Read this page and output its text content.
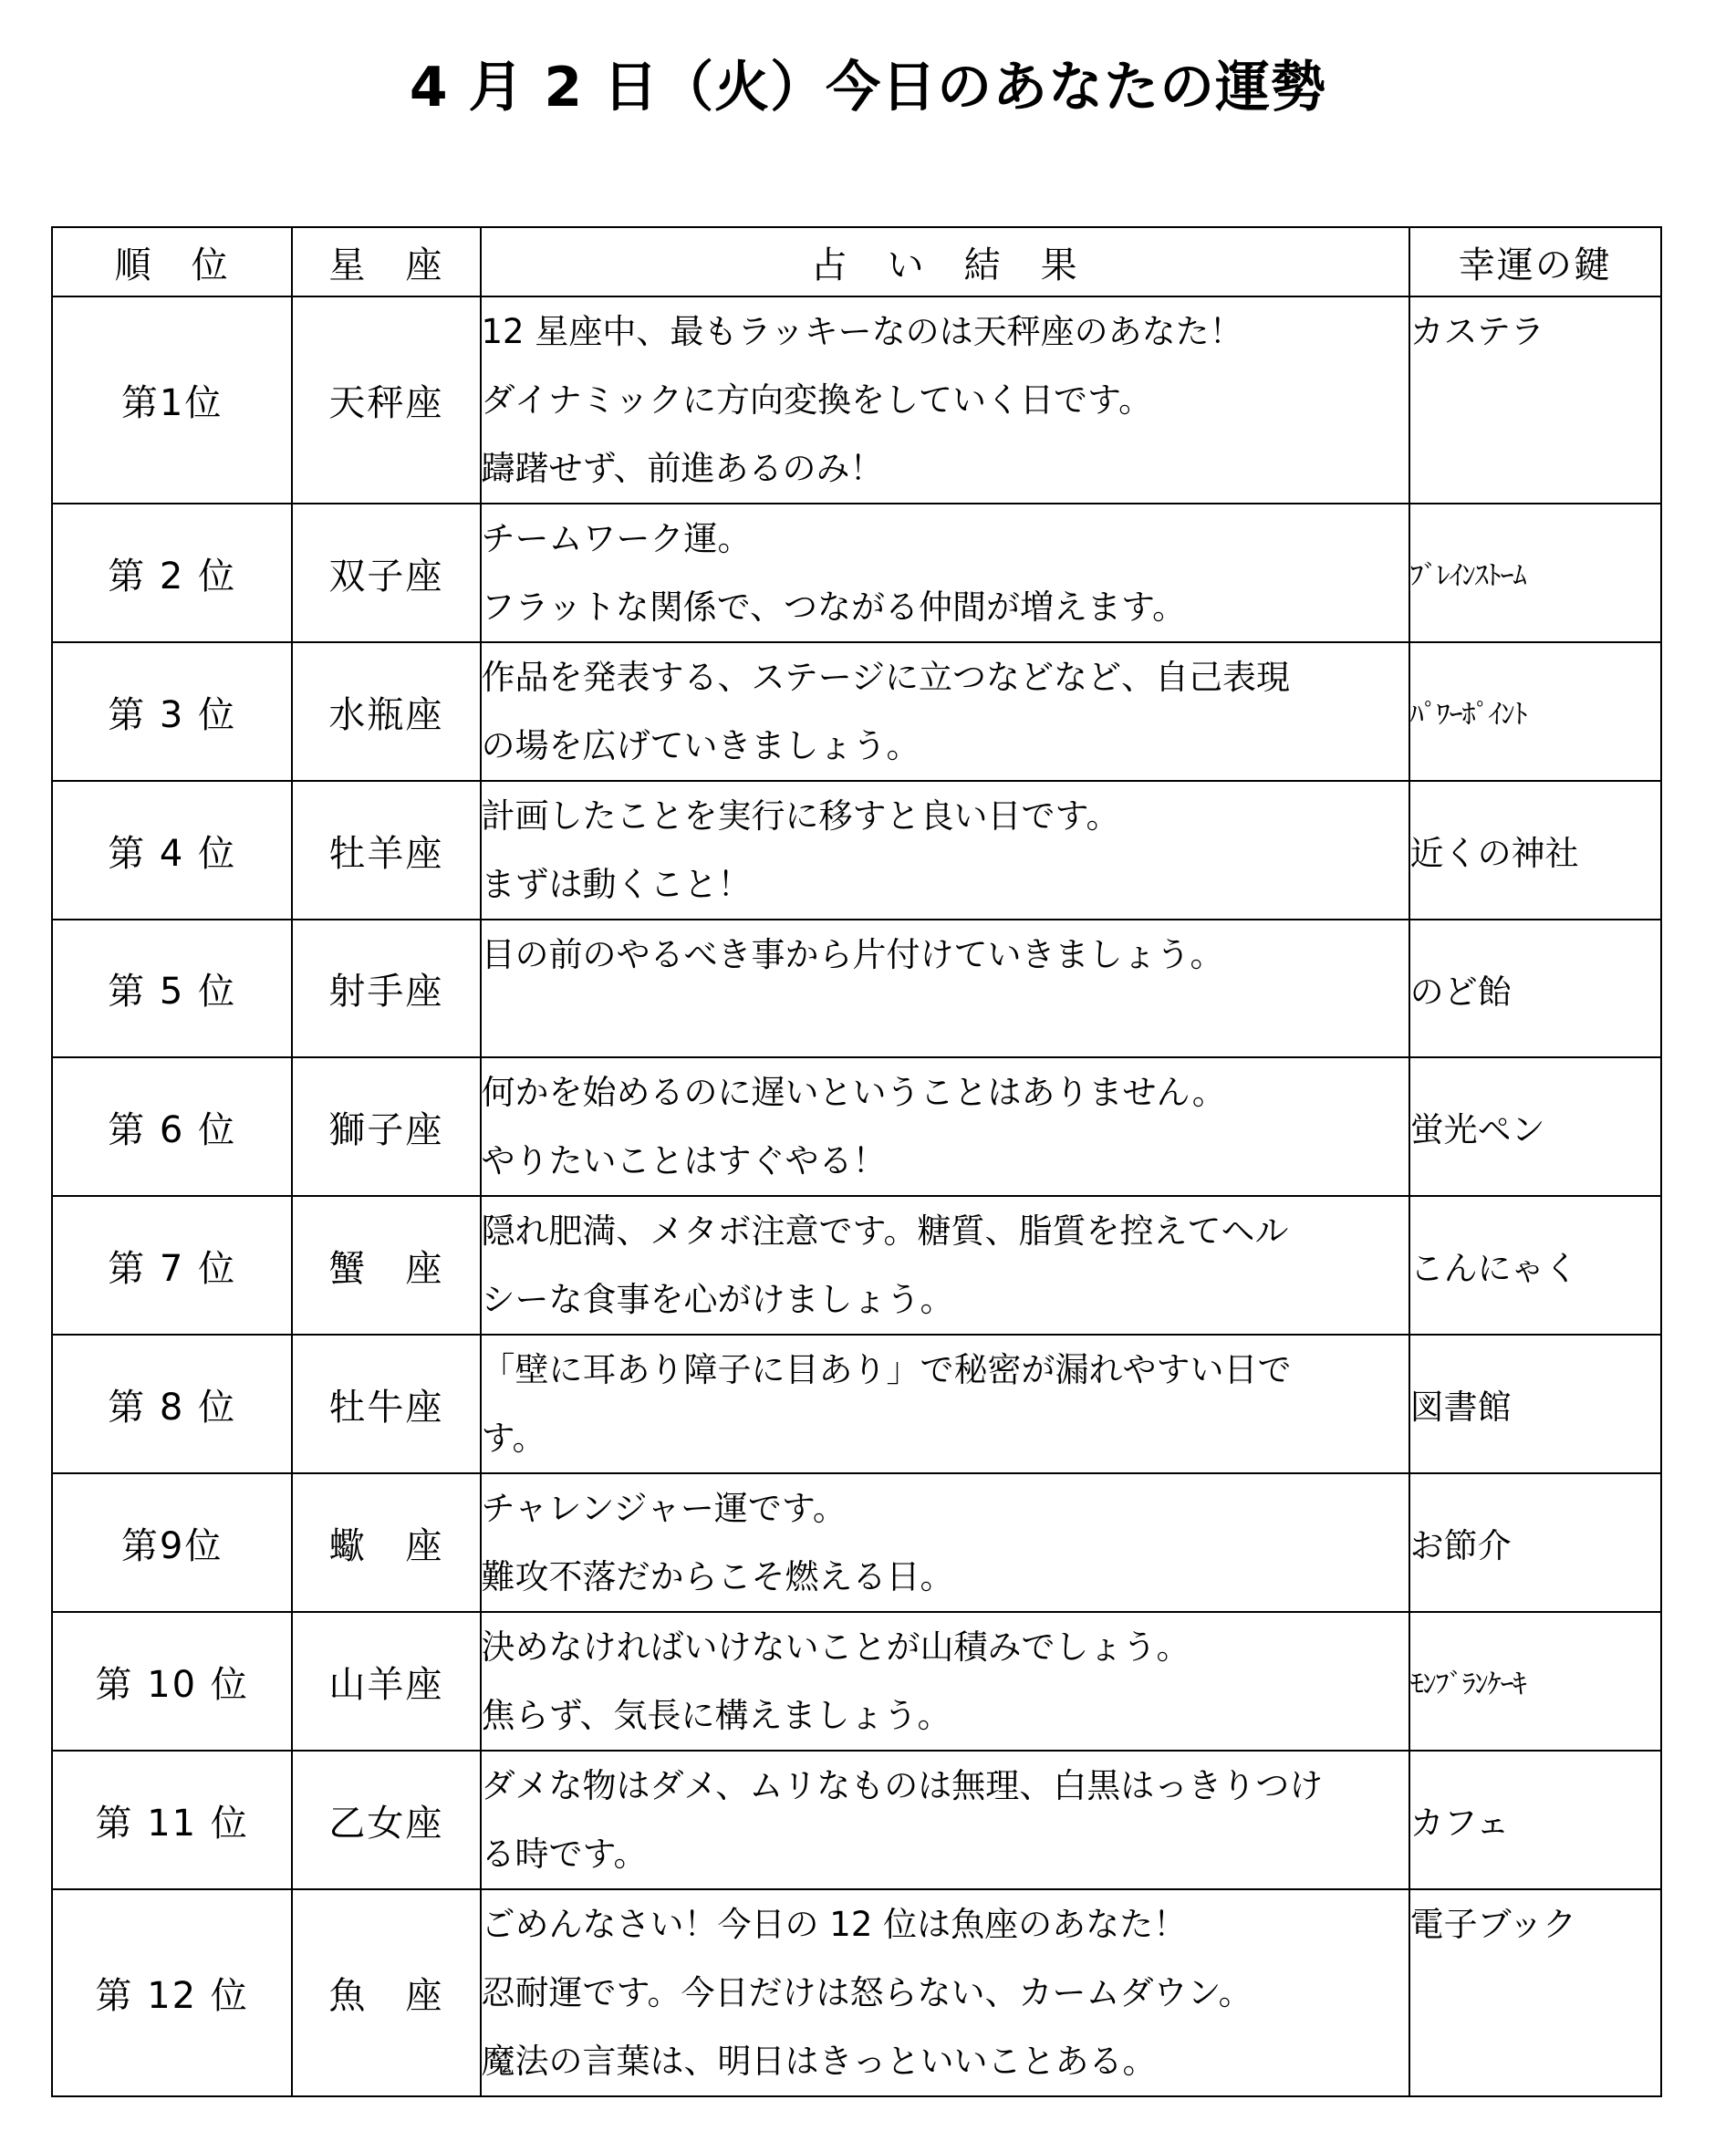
4 月 2 日（火）今日のあなたの運勢
順　位	星　座	占　い　結　果	幸運の鍵
第1位	天秤座	12 星座中、最もラッキーなのは天秤座のあなた！
ダイナミックに方向変換をしていく日です。
躊躇せず、前進あるのみ！	カステラ
第 2 位	双子座	チームワーク運。
フラットな関係で、つながる仲間が増えます。	ﾌﾞﾚｲﾝｽﾄｰﾑ
第 3 位	水瓶座	作品を発表する、ステージに立つなどなど、自己表現
の場を広げていきましょう。	ﾊﾟﾜｰﾎﾟｲﾝﾄ
第 4 位	牡羊座	計画したことを実行に移すと良い日です。
まずは動くこと！	近くの神社
第 5 位	射手座	目の前のやるべき事から片付けていきましょう。	のど飴
第 6 位	獅子座	何かを始めるのに遅いということはありません。
やりたいことはすぐやる！	蛍光ペン
第 7 位	蟹　座	隠れ肥満、メタボ注意です。糖質、脂質を控えてヘル
シーな食事を心がけましょう。	こんにゃく
第 8 位	牡牛座	「壁に耳あり障子に目あり」で秘密が漏れやすい日で
す。	図書館
第9位	蠍　座	チャレンジャー運です。
難攻不落だからこそ燃える日。	お節介
第 10 位	山羊座	決めなければいけないことが山積みでしょう。
焦らず、気長に構えましょう。	ﾓﾝﾌﾞﾗﾝｹｰｷ
第 11 位	乙女座	ダメな物はダメ、ムリなものは無理、白黒はっきりつけ
る時です。	カフェ
第 12 位	魚　座	ごめんなさい！今日の 12 位は魚座のあなた！
忍耐運です。今日だけは怒らない、カームダウン。
魔法の言葉は、明日はきっといいことある。	電子ブック
